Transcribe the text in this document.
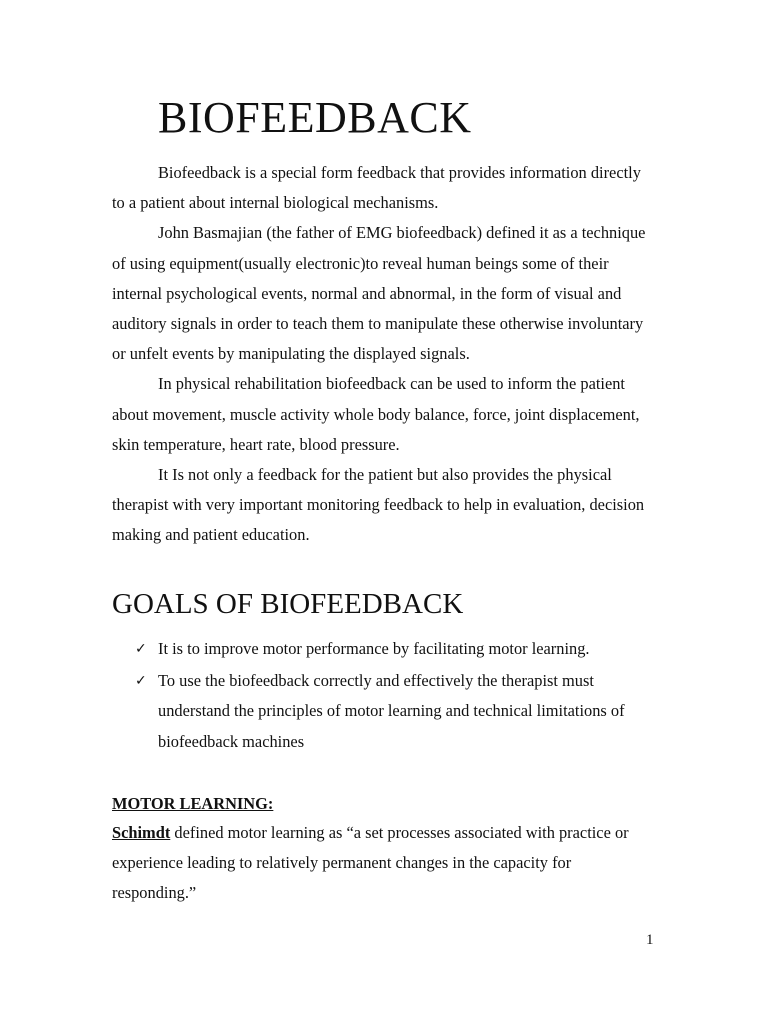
BIOFEEDBACK

Biofeedback is a special form feedback that provides information directly to a patient about internal biological mechanisms.

John Basmajian (the father of EMG biofeedback) defined it as a technique of using equipment(usually electronic)to reveal human beings some of their internal psychological events, normal and abnormal, in the form of visual and auditory signals in order to teach them to manipulate these otherwise involuntary or unfelt events by manipulating the displayed signals.

In physical rehabilitation biofeedback can be used to inform the patient about movement, muscle activity whole body balance, force, joint displacement, skin temperature, heart rate, blood pressure.

It Is not only a feedback for the patient but also provides the physical therapist with very important monitoring feedback to help in evaluation, decision making and patient education.

GOALS OF BIOFEEDBACK
✓ It is to improve motor performance by facilitating motor learning.
✓ To use the biofeedback correctly and effectively the therapist must understand the principles of motor learning and technical limitations of biofeedback machines
MOTOR LEARNING:

Schimdt defined motor learning as “a set processes associated with practice or experience leading to relatively permanent changes in the capacity for responding.”

1
